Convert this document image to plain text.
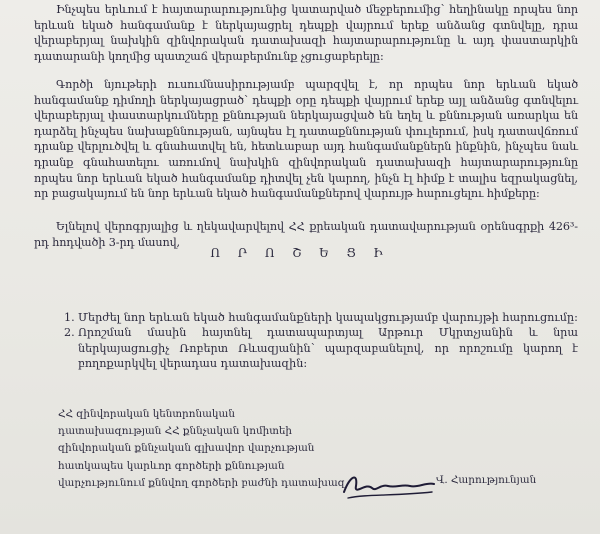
Ինչպես երևում է հայտարարությունից կատարված մեջբերումից՝ հեղինակը որպես նոր երևան եկած հանգամանք է ներկայացրել դեպքի վայրում երեք անձանց գտնվելը, դրա վերաբերյալ նախկին զինվորական դատախազի հայտարարությունը և այդ փաստարկին դատարանի կողմից պատշաճ վերաբերմունք չցուցաբերելը:
Գործի նյութերի ուսումնասիրությամբ պարզվել է, որ որպես նոր երևան եկած հանգամանք դիմողի ներկայացրած՝ դեպքի օրը դեպքի վայրում երեք այլ անձանց գտնվելու վերաբերյալ փաստարկումները քննության ներկայացված են եղել և քննության առարկա են դարձել ինչպես նախաքննության, այնպես էլ դատաքննության փուլերում, իսկ դատավճռում դրանք վերլուծվել և գնահատվել են, հետևաբար այդ հանգամանքներն ինքնին, ինչպես նաև դրանք գնահատելու առումով նախկին զինվորական դատախազի հայտարարությունը որպես նոր երևան եկած հանգամանք դիտվել չեն կարող, ինչն էլ հիմք է տալիս եզրակացնել, որ բացակայում են նոր երևան եկած հանգամանքներով վարույթ հարուցելու հիմքերը:
Ելնելով վերոգրյալից և ղեկավարվելով ՀՀ քրեական դատավարության օրենսգրքի 426³-րդ հոդվածի 3-րդ մասով,
Ո Ր Ո Շ Ե Ց Ի
1. Մերժել նոր երևան եկած հանգամանքների կապակցությամբ վարույթի հարուցումը:
2. Որոշման մասին հայտնել դատապարտյալ Արթուր Մկրտչյանին և նրա ներկայացուցիչ Ռոբերտ Ռևազյանին՝ պարզաբանելով, որ որոշումը կարող է բողոքարկվել վերադաս դատախազին:
ՀՀ զինվորական կենտրոնական
դատախազության ՀՀ քննչական կոմիտեի
զինվորական քննչական գլխավոր վարչության
հատկապես կարևոր գործերի քննության
վարչությունում քննվող գործերի բաժնի դատախազ	Վ. Հարությունյան
